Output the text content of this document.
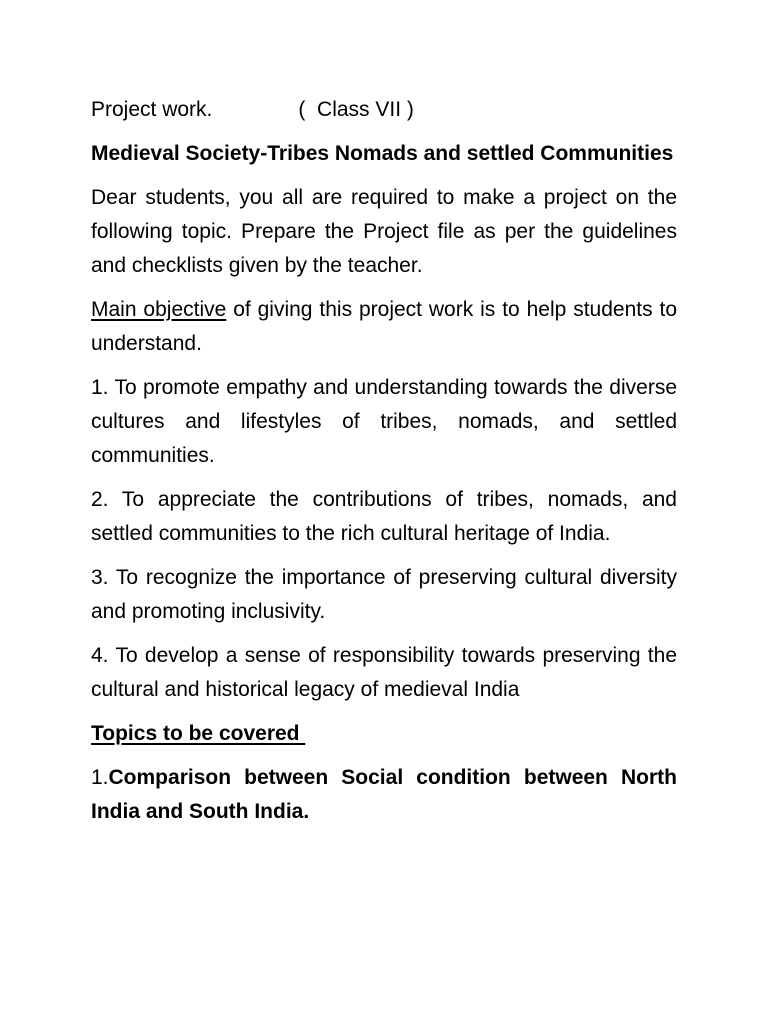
Project work.	(  Class VII )

Medieval Society-Tribes Nomads and settled Communities

Dear students, you all are required to make a project on the following topic. Prepare the Project file as per the guidelines and checklists given by the teacher.

Main objective of giving this project work is to help students to understand.

1. To promote empathy and understanding towards the diverse cultures and lifestyles of tribes, nomads, and settled communities.

2. To appreciate the contributions of tribes, nomads, and settled communities to the rich cultural heritage of India.

3. To recognize the importance of preserving cultural diversity and promoting inclusivity.

4. To develop a sense of responsibility towards preserving the cultural and historical legacy of medieval India

Topics to be covered

1.Comparison between Social condition between North India and South India.
